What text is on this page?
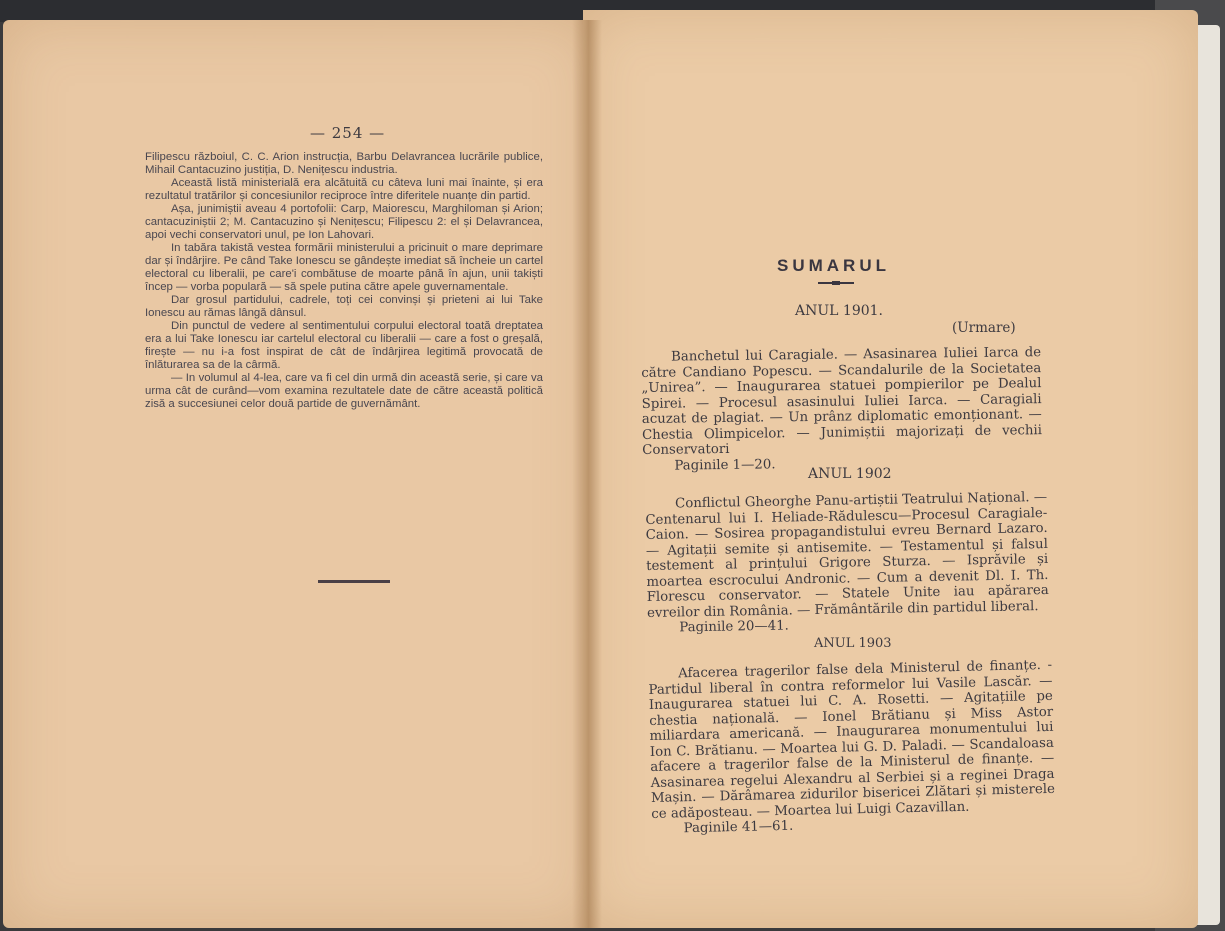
— 254 —

Filipescu războiul, C. C. Arion instrucția, Barbu Delavrancea lucrările publice, Mihail Cantacuzino justiția, D. Nenițescu industria.

Această listă ministerială era alcătuită cu câteva luni mai înainte, și era rezultatul tratărilor și concesiunilor reciproce între diferitele nuanțe din partid.

Așa, junimiștii aveau 4 portofolii: Carp, Maiorescu, Marghiloman și Arion; cantacuziniștii 2; M. Cantacuzino și Nenițescu; Filipescu 2: el și Delavrancea, apoi vechi conservatori unul, pe Ion Lahovari.

In tabăra takistă vestea formării ministerului a pricinuit o mare deprimare dar și îndârjire. Pe când Take Ionescu se gândește imediat să încheie un cartel electoral cu liberalii, pe care'i combătuse de moarte până în ajun, unii takiști încep — vorba populară — să spele putina către apele guvernamentale.

Dar grosul partidului, cadrele, toți cei convinși și prieteni ai lui Take Ionescu au rămas lângă dânsul.

Din punctul de vedere al sentimentului corpului electoral toată dreptatea era a lui Take Ionescu iar cartelul electoral cu liberalii — care a fost o greșală, firește — nu i-a fost inspirat de cât de îndârjirea legitimă provocată de înlăturarea sa de la cârmă.

— In volumul al 4-lea, care va fi cel din urmă din această serie, și care va urma cât de curând—vom examina rezultatele date de către această politică zisă a succesiunei celor două partide de guvernământ.

SUMARUL
ANUL 1901.
(Urmare)

Banchetul lui Caragiale. — Asasinarea Iuliei Iarca de către Candiano Popescu. — Scandalurile de la Societatea „Unirea”. — Inaugurarea statuei pompierilor pe Dealul Spirei. — Procesul asasinului Iuliei Iarca. — Caragiali acuzat de plagiat. — Un prânz diplomatic emonționant. — Chestia Olimpicelor. — Junimiștii majorizați de vechii Conservatori

Paginile 1—20.

ANUL 1902

Conflictul Gheorghe Panu-artiștii Teatrului Național. — Centenarul lui I. Heliade-Rădulescu—Procesul Caragiale-Caion. — Sosirea propagandistului evreu Bernard Lazaro. — Agitații semite și antisemite. — Testamentul și falsul testement al prințului Grigore Sturza. — Isprăvile și moartea escrocului Andronic. — Cum a devenit Dl. I. Th. Florescu conservator. — Statele Unite iau apărarea evreilor din România. — Frământările din partidul liberal.

Paginile 20—41.

ANUL 1903

Afacerea tragerilor false dela Ministerul de finanțe. - Partidul liberal în contra reformelor lui Vasile Lascăr. — Inaugurarea statuei lui C. A. Rosetti. — Agitațiile pe chestia națională. — Ionel Brătianu și Miss Astor miliardara americană. — Inaugurarea monumentului lui Ion C. Brătianu. — Moartea lui G. D. Paladi. — Scandaloasa afacere a tragerilor false de la Ministerul de finanțe. — Asasinarea regelui Alexandru al Serbiei și a reginei Draga Mașin. — Dărâmarea zidurilor bisericei Zlătari și misterele ce adăposteau. — Moartea lui Luigi Cazavillan.

Paginile 41—61.
